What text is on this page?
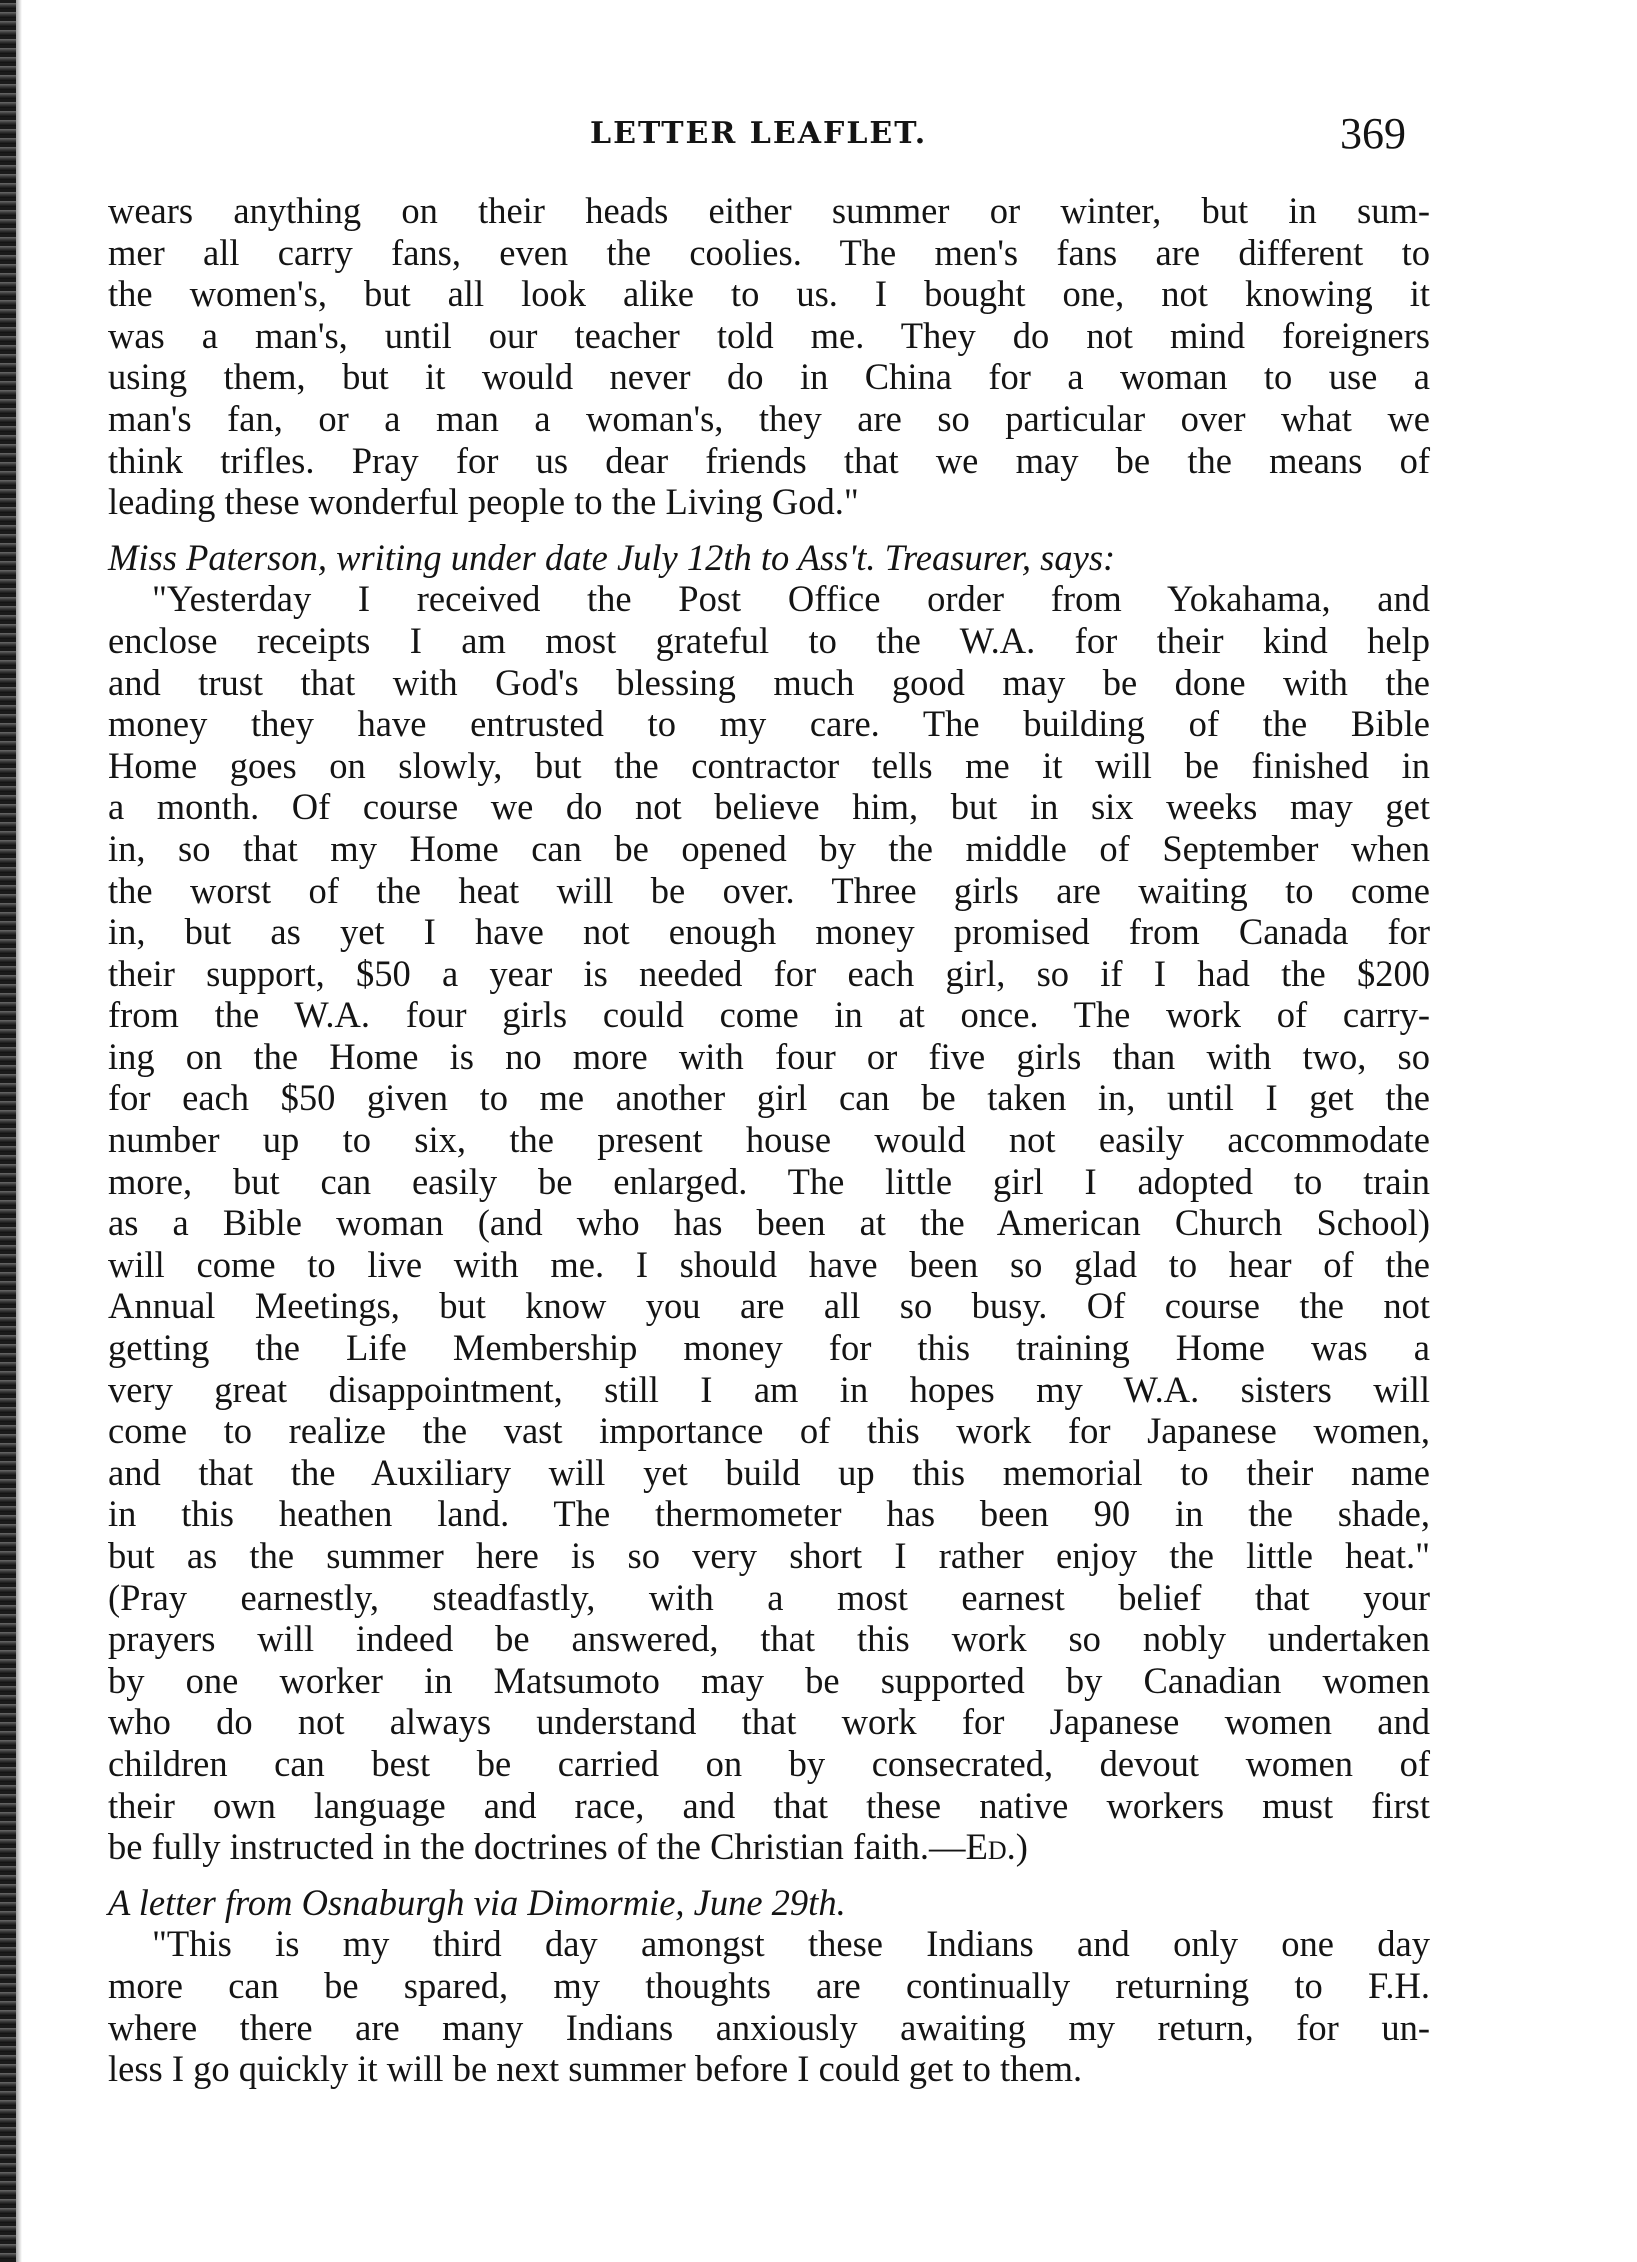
LETTER LEAFLET.	369
wears anything on their heads either summer or winter, but in sum-
mer all carry fans, even the coolies. The men's fans are different to
the women's, but all look alike to us. I bought one, not knowing it
was a man's, until our teacher told me. They do not mind foreigners
using them, but it would never do in China for a woman to use a
man's fan, or a man a woman's, they are so particular over what we
think trifles. Pray for us dear friends that we may be the means of
leading these wonderful people to the Living God."
Miss Paterson, writing under date July 12th to Ass't. Treasurer, says:
"Yesterday I received the Post Office order from Yokahama, and
enclose receipts I am most grateful to the W.A. for their kind help
and trust that with God's blessing much good may be done with the
money they have entrusted to my care. The building of the Bible
Home goes on slowly, but the contractor tells me it will be finished in
a month. Of course we do not believe him, but in six weeks may get
in, so that my Home can be opened by the middle of September when
the worst of the heat will be over. Three girls are waiting to come
in, but as yet I have not enough money promised from Canada for
their support, $50 a year is needed for each girl, so if I had the $200
from the W.A. four girls could come in at once. The work of carry-
ing on the Home is no more with four or five girls than with two, so
for each $50 given to me another girl can be taken in, until I get the
number up to six, the present house would not easily accommodate
more, but can easily be enlarged. The little girl I adopted to train
as a Bible woman (and who has been at the American Church School)
will come to live with me. I should have been so glad to hear of the
Annual Meetings, but know you are all so busy. Of course the not
getting the Life Membership money for this training Home was a
very great disappointment, still I am in hopes my W.A. sisters will
come to realize the vast importance of this work for Japanese women,
and that the Auxiliary will yet build up this memorial to their name
in this heathen land. The thermometer has been 90 in the shade,
but as the summer here is so very short I rather enjoy the little heat."
(Pray earnestly, steadfastly, with a most earnest belief that your
prayers will indeed be answered, that this work so nobly undertaken
by one worker in Matsumoto may be supported by Canadian women
who do not always understand that work for Japanese women and
children can best be carried on by consecrated, devout women of
their own language and race, and that these native workers must first
be fully instructed in the doctrines of the Christian faith.—Ed.)
A letter from Osnaburgh via Dimormie, June 29th.
"This is my third day amongst these Indians and only one day
more can be spared, my thoughts are continually returning to F.H.
where there are many Indians anxiously awaiting my return, for un-
less I go quickly it will be next summer before I could get to them.
